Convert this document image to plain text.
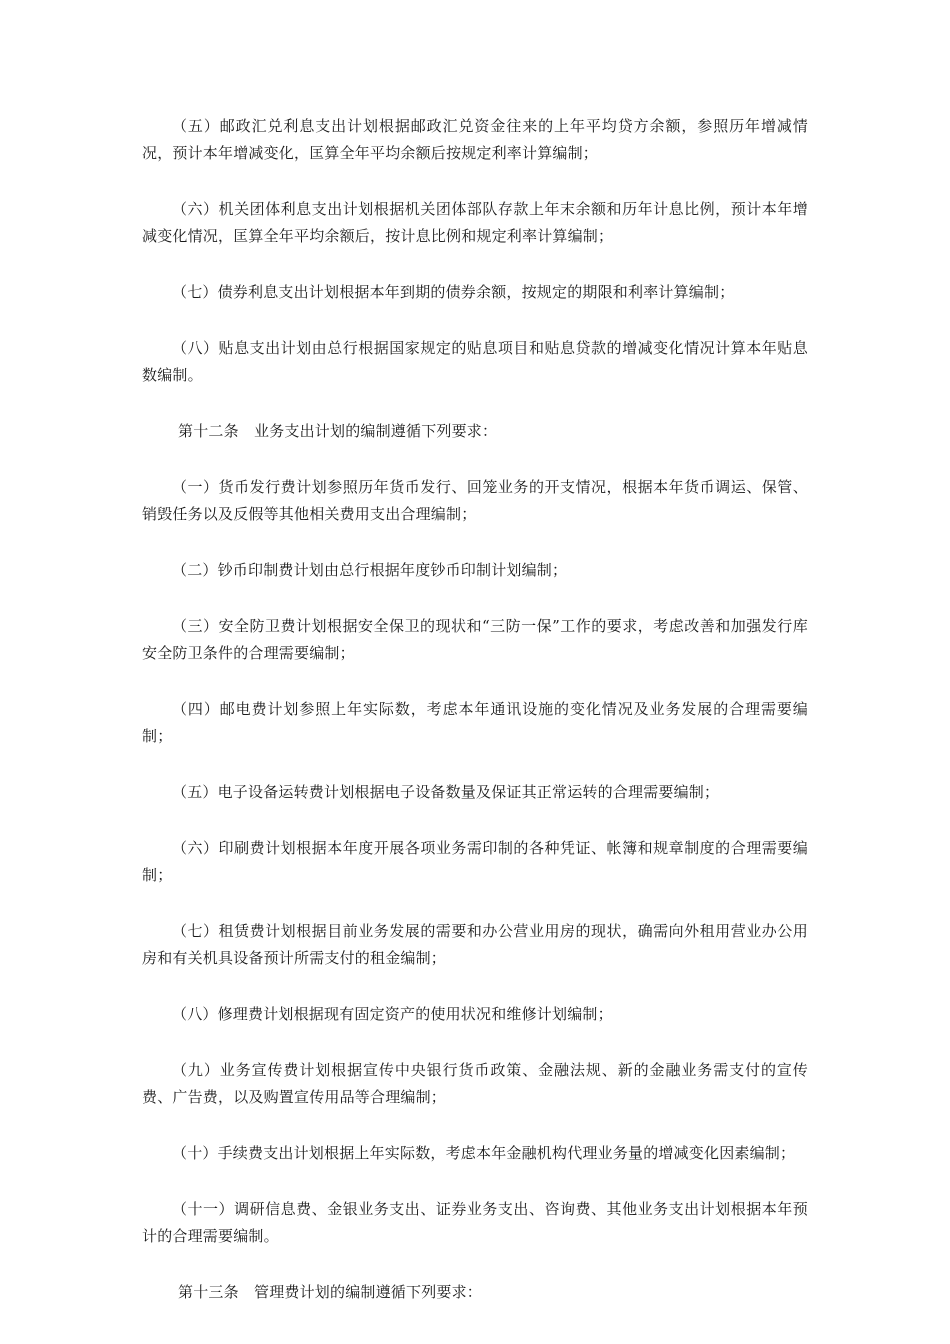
（五）邮政汇兑利息支出计划根据邮政汇兑资金往来的上年平均贷方余额，参照历年增减情况，预计本年增减变化，匡算全年平均余额后按规定利率计算编制；

（六）机关团体利息支出计划根据机关团体部队存款上年末余额和历年计息比例，预计本年增减变化情况，匡算全年平均余额后，按计息比例和规定利率计算编制；

（七）债券利息支出计划根据本年到期的债券余额，按规定的期限和利率计算编制；

（八）贴息支出计划由总行根据国家规定的贴息项目和贴息贷款的增减变化情况计算本年贴息数编制。

第十二条　业务支出计划的编制遵循下列要求：

（一）货币发行费计划参照历年货币发行、回笼业务的开支情况，根据本年货币调运、保管、销毁任务以及反假等其他相关费用支出合理编制；

（二）钞币印制费计划由总行根据年度钞币印制计划编制；

（三）安全防卫费计划根据安全保卫的现状和“三防一保”工作的要求，考虑改善和加强发行库安全防卫条件的合理需要编制；

（四）邮电费计划参照上年实际数，考虑本年通讯设施的变化情况及业务发展的合理需要编制；

（五）电子设备运转费计划根据电子设备数量及保证其正常运转的合理需要编制；

（六）印刷费计划根据本年度开展各项业务需印制的各种凭证、帐簿和规章制度的合理需要编制；

（七）租赁费计划根据目前业务发展的需要和办公营业用房的现状，确需向外租用营业办公用房和有关机具设备预计所需支付的租金编制；

（八）修理费计划根据现有固定资产的使用状况和维修计划编制；

（九）业务宣传费计划根据宣传中央银行货币政策、金融法规、新的金融业务需支付的宣传费、广告费，以及购置宣传用品等合理编制；

（十）手续费支出计划根据上年实际数，考虑本年金融机构代理业务量的增减变化因素编制；

（十一）调研信息费、金银业务支出、证券业务支出、咨询费、其他业务支出计划根据本年预计的合理需要编制。

第十三条　管理费计划的编制遵循下列要求：
